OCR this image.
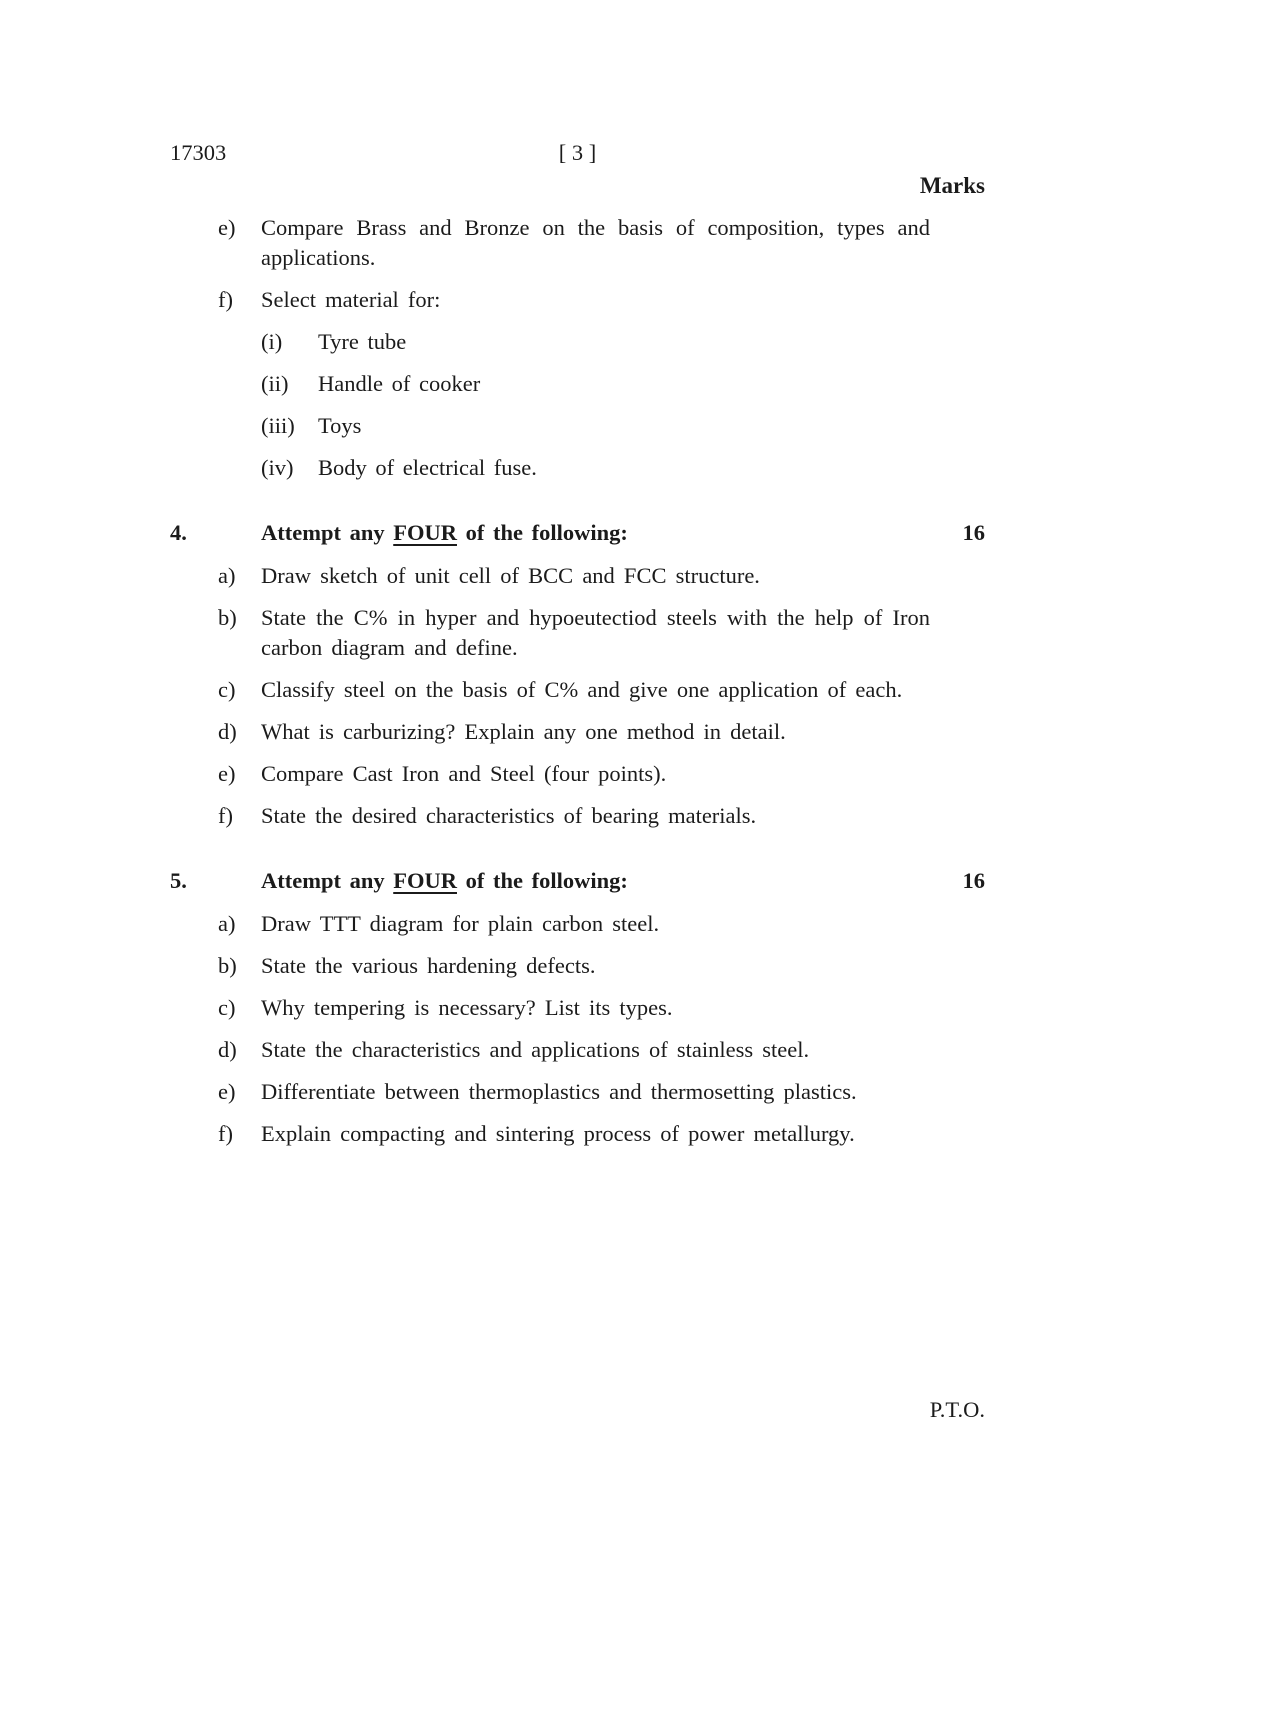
17303	[ 3 ]
Marks
e)	Compare Brass and Bronze on the basis of composition, types and applications.
f)	Select material for:
(i)	Tyre tube
(ii)	Handle of cooker
(iii)	Toys
(iv)	Body of electrical fuse.
4.	Attempt any FOUR of the following:	16
a)	Draw sketch of unit cell of BCC and FCC structure.
b)	State the C% in hyper and hypoeutectiod steels with the help of Iron carbon diagram and define.
c)	Classify steel on the basis of C% and give one application of each.
d)	What is carburizing? Explain any one method in detail.
e)	Compare Cast Iron and Steel (four points).
f)	State the desired characteristics of bearing materials.
5.	Attempt any FOUR of the following:	16
a)	Draw TTT diagram for plain carbon steel.
b)	State the various hardening defects.
c)	Why tempering is necessary? List its types.
d)	State the characteristics and applications of stainless steel.
e)	Differentiate between thermoplastics and thermosetting plastics.
f)	Explain compacting and sintering process of power metallurgy.
P.T.O.
